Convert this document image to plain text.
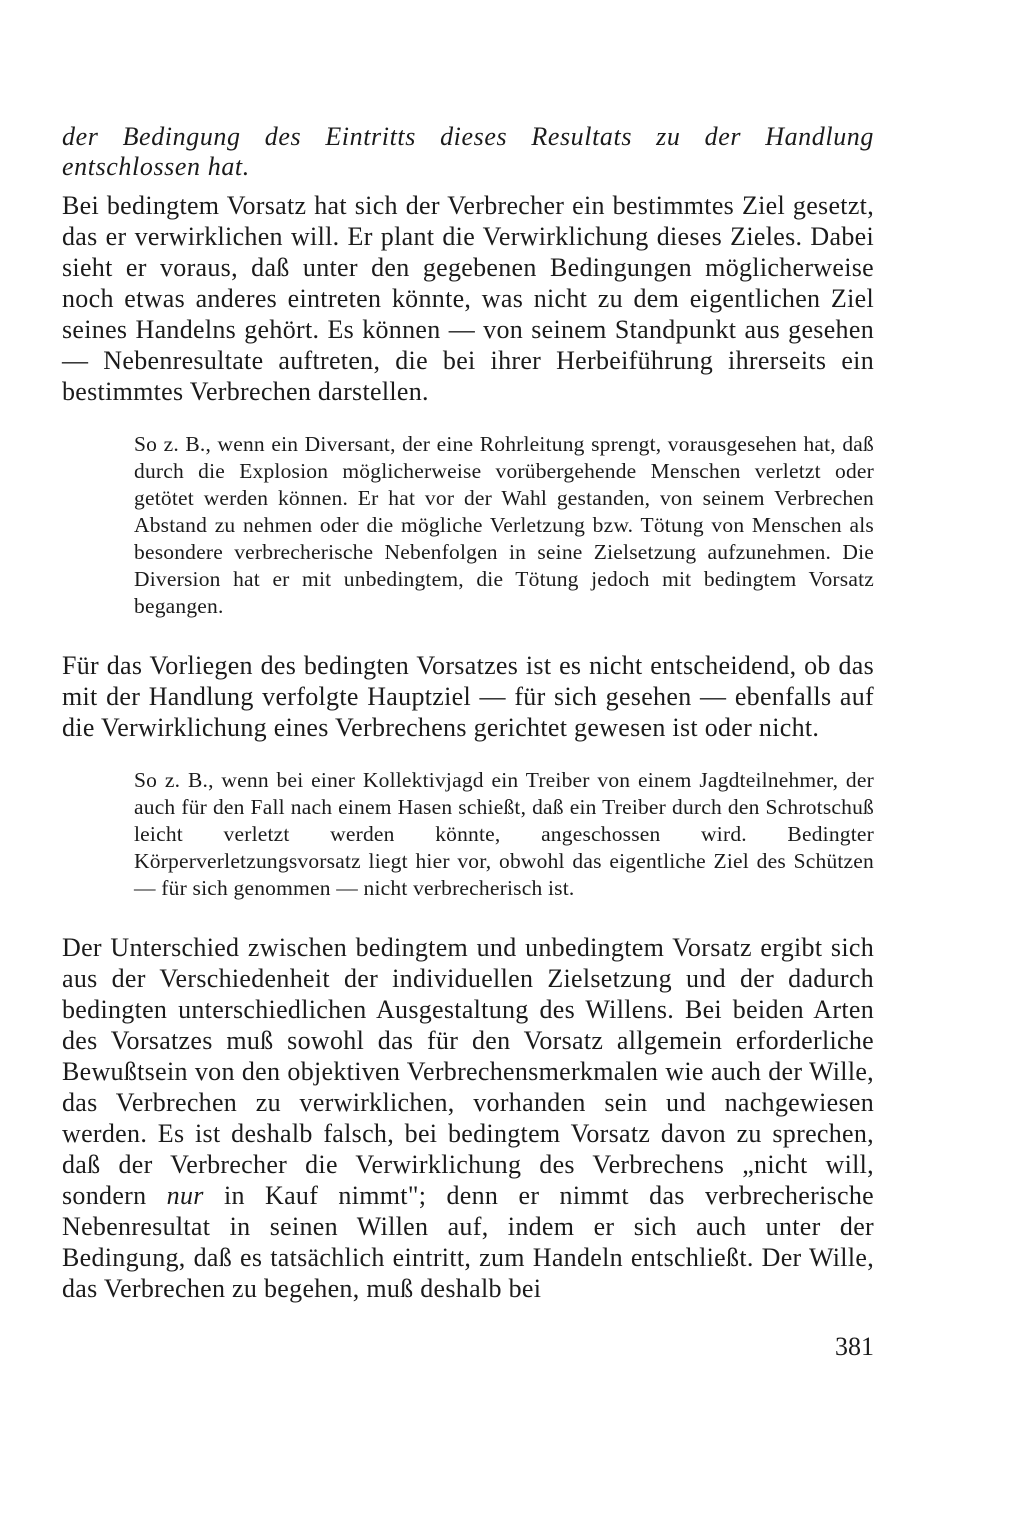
der Bedingung des Eintritts dieses Resultats zu der Handlung entschlossen hat.

Bei bedingtem Vorsatz hat sich der Verbrecher ein bestimmtes Ziel gesetzt, das er verwirklichen will. Er plant die Verwirklichung dieses Zieles. Dabei sieht er voraus, daß unter den gegebenen Bedingungen möglicherweise noch etwas anderes eintreten könnte, was nicht zu dem eigentlichen Ziel seines Handelns gehört. Es können — von seinem Standpunkt aus gesehen — Nebenresultate auftreten, die bei ihrer Herbeiführung ihrerseits ein bestimmtes Verbrechen darstellen.

So z. B., wenn ein Diversant, der eine Rohrleitung sprengt, vorausgesehen hat, daß durch die Explosion möglicherweise vorübergehende Menschen verletzt oder getötet werden können. Er hat vor der Wahl gestanden, von seinem Verbrechen Abstand zu nehmen oder die mögliche Verletzung bzw. Tötung von Menschen als besondere verbrecherische Nebenfolgen in seine Zielsetzung aufzunehmen. Die Diversion hat er mit unbedingtem, die Tötung jedoch mit bedingtem Vorsatz begangen.

Für das Vorliegen des bedingten Vorsatzes ist es nicht entscheidend, ob das mit der Handlung verfolgte Hauptziel — für sich gesehen — ebenfalls auf die Verwirklichung eines Verbrechens gerichtet gewesen ist oder nicht.

So z. B., wenn bei einer Kollektivjagd ein Treiber von einem Jagdteilnehmer, der auch für den Fall nach einem Hasen schießt, daß ein Treiber durch den Schrotschuß leicht verletzt werden könnte, angeschossen wird. Bedingter Körperverletzungsvorsatz liegt hier vor, obwohl das eigentliche Ziel des Schützen — für sich genommen — nicht verbrecherisch ist.

Der Unterschied zwischen bedingtem und unbedingtem Vorsatz ergibt sich aus der Verschiedenheit der individuellen Zielsetzung und der dadurch bedingten unterschiedlichen Ausgestaltung des Willens. Bei beiden Arten des Vorsatzes muß sowohl das für den Vorsatz allgemein erforderliche Bewußtsein von den objektiven Verbrechensmerkmalen wie auch der Wille, das Verbrechen zu verwirklichen, vorhanden sein und nachgewiesen werden. Es ist deshalb falsch, bei bedingtem Vorsatz davon zu sprechen, daß der Verbrecher die Verwirklichung des Verbrechens „nicht will, sondern nur in Kauf nimmt"; denn er nimmt das verbrecherische Nebenresultat in seinen Willen auf, indem er sich auch unter der Bedingung, daß es tatsächlich eintritt, zum Handeln entschließt. Der Wille, das Verbrechen zu begehen, muß deshalb bei

381
